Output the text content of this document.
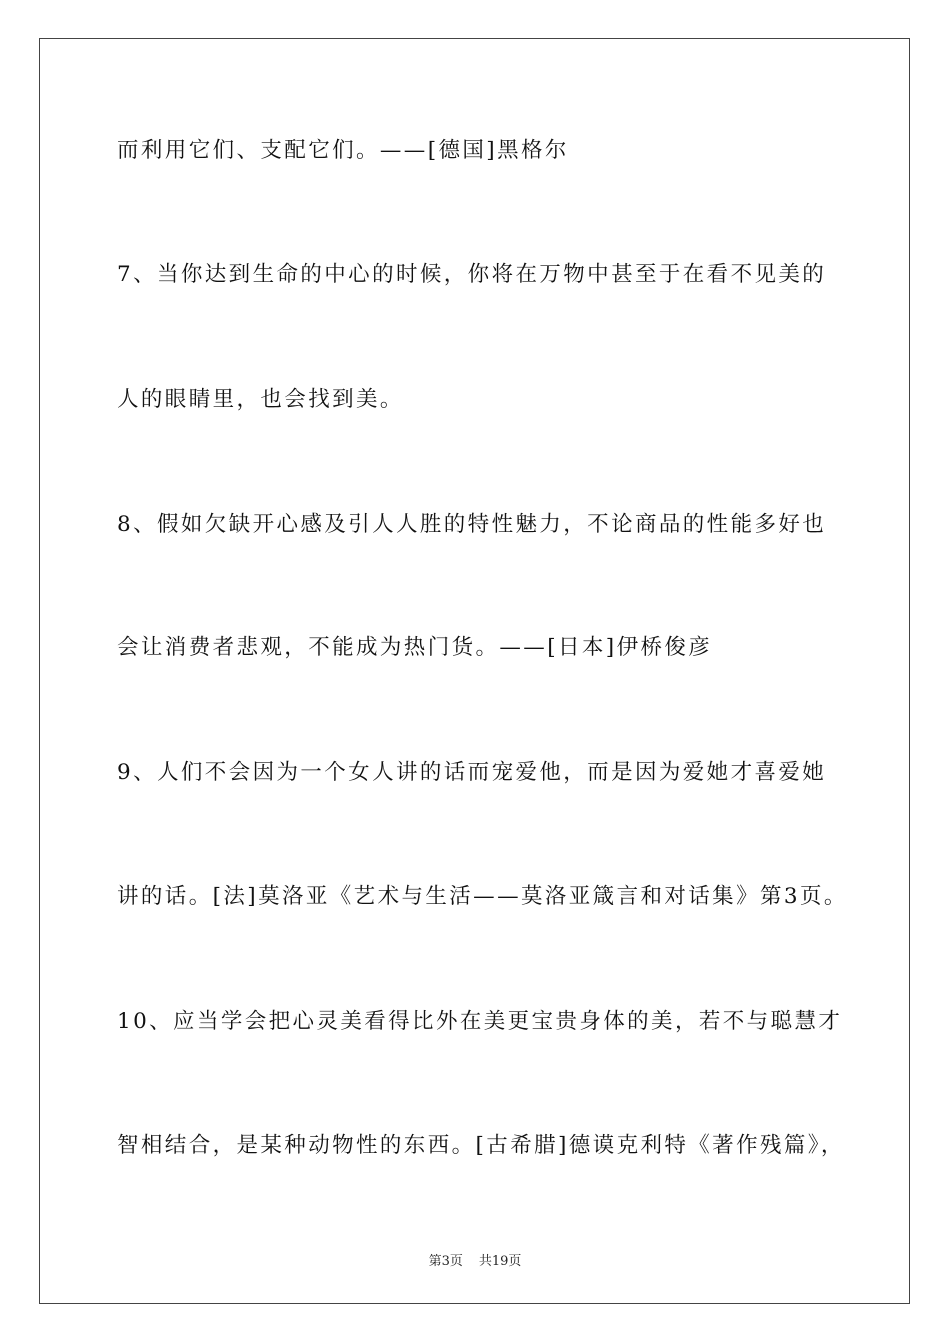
而利用它们、支配它们。——[德国]黑格尔
7、当你达到生命的中心的时候，你将在万物中甚至于在看不见美的
人的眼睛里，也会找到美。
8、假如欠缺开心感及引人人胜的特性魅力，不论商品的性能多好也
会让消费者悲观，不能成为热门货。——[日本]伊桥俊彦
9、人们不会因为一个女人讲的话而宠爱他，而是因为爱她才喜爱她
讲的话。[法]莫洛亚《艺术与生活——莫洛亚箴言和对话集》第3页。
10、应当学会把心灵美看得比外在美更宝贵身体的美，若不与聪慧才
智相结合，是某种动物性的东西。[古希腊]德谟克利特《著作残篇》，
第3页 共19页
